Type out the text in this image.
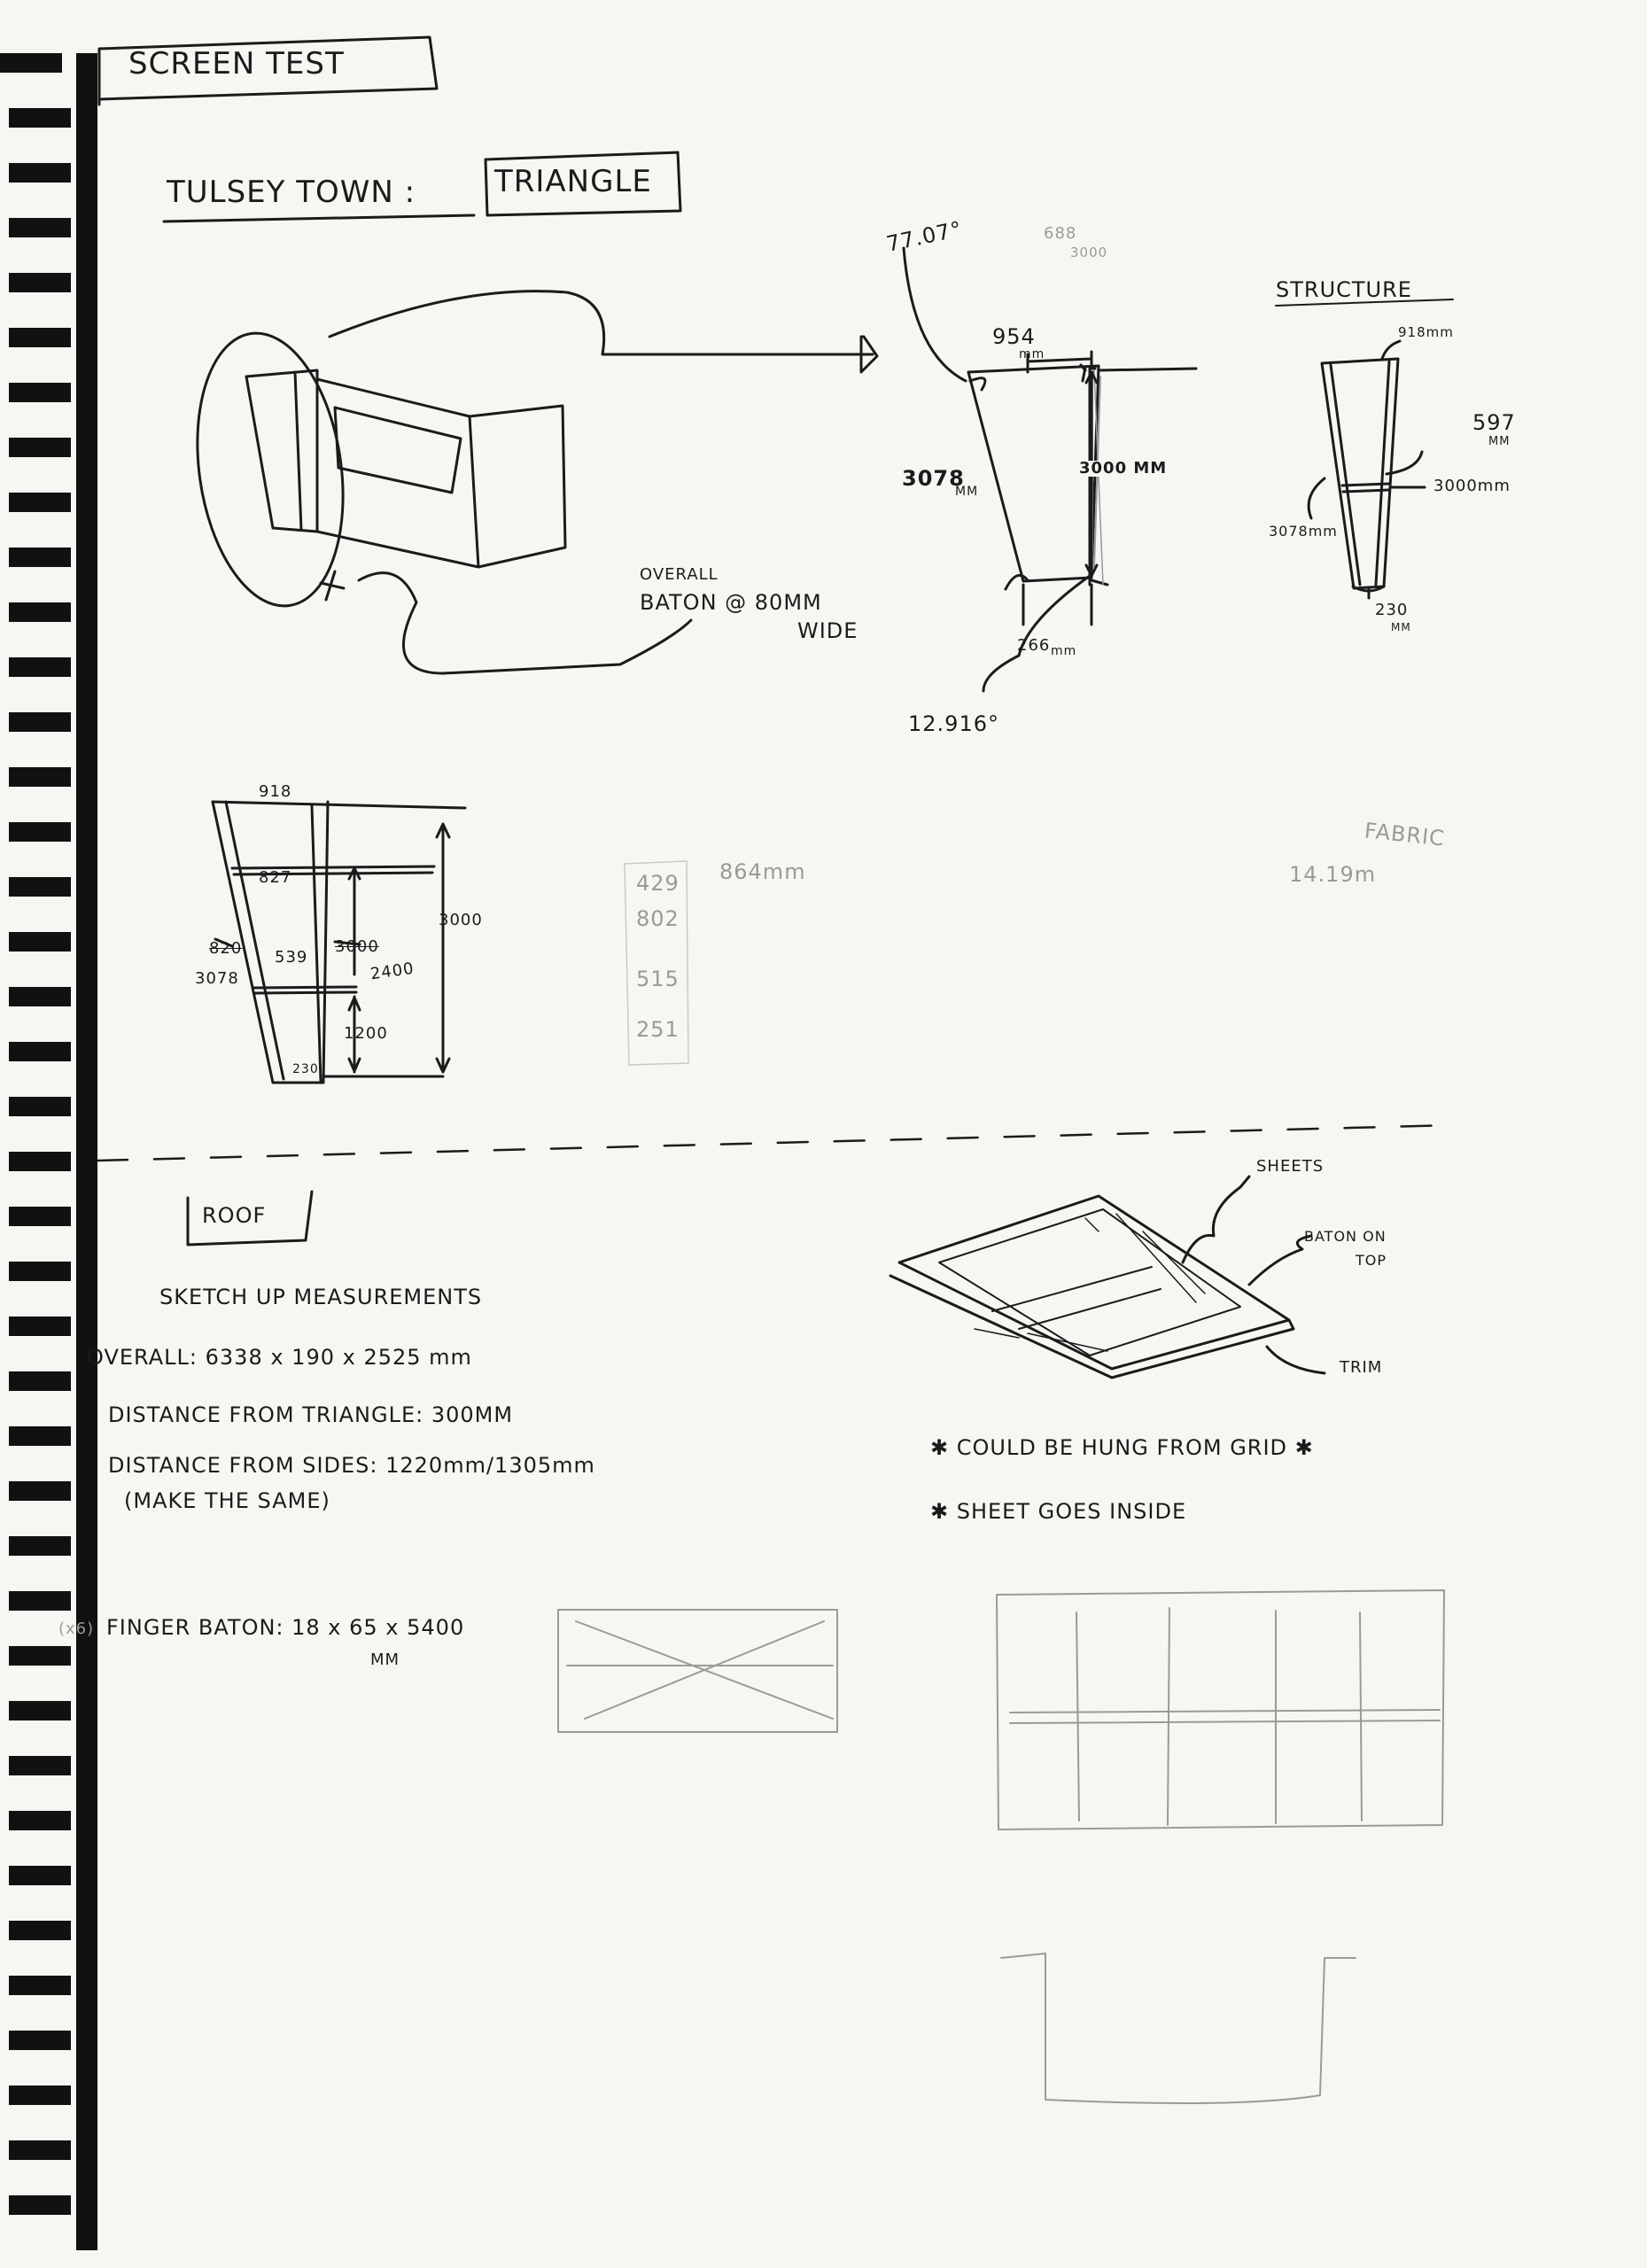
SCREEN TEST
TULSEY TOWN :	TRIANGLE
OVERALL
BATON @ 80MM
WIDE
77.07°	688
3000
954
mm
3078
MM
3000 MM
266 mm
12.916°
STRUCTURE
918mm
597
MM
3000mm
3078mm
230
MM
918
827
539
3078
820	3000
2400
1200
230
3000
429
802
515
251
864mm
FABRIC
14.19m
ROOF
SHEETS
BATON ON
TOP
TRIM
SKETCH UP MEASUREMENTS
OVERALL: 6338 x 190 x 2525 mm
DISTANCE FROM TRIANGLE: 300MM
DISTANCE FROM SIDES: 1220mm/1305mm
(MAKE THE SAME)
✱ COULD BE HUNG FROM GRID ✱
✱ SHEET GOES INSIDE
(x6) FINGER BATON: 18 x 65 x 5400
MM
